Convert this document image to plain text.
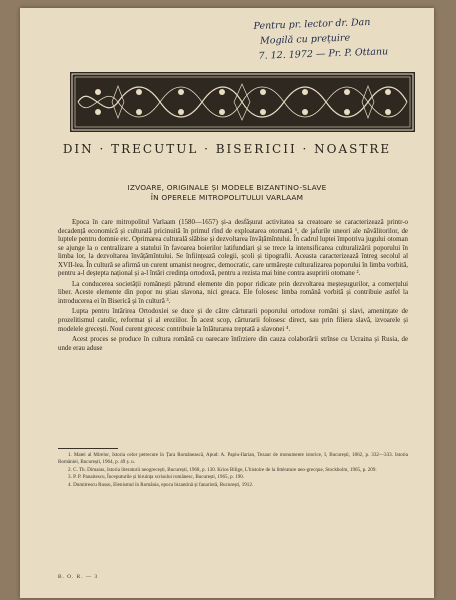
Pentru pr. lector dr. Dan
Mogilă cu prețuire
7. 12. 1972 — Pr. P. Ottanu
DIN · TRECUTUL · BISERICII · NOASTRE
IZVOARE, ORIGINALE ȘI MODELE BIZANTINO-SLAVE
ÎN OPERELE MITROPOLITULUI VARLAAM

Epoca în care mitropolitul Varlaam (1580—1657) și-a desfășurat activitatea sa creatoare se caracterizează printr-o decadență economică și culturală pricinuită în primul rînd de exploatarea otomană ¹, de jafurile uneori ale năvălitorilor, de luptele pentru domnie etc. Oprimarea culturală slăbise și dezvoltarea învățămîntului. În cadrul luptei împotriva jugului otoman se ajunge la o centralizare a statului în favoarea boierilor latifundiari și se trece la intensificarea culturalizării poporului în limba lor, la dezvoltarea învățămîntului. Se înființează colegii, școli și tipografii. Aceasta caracterizează întreg secolul al XVII-lea. În cultură se afirmă un curent umanist neogrec, democratic, care urmărește culturalizarea poporului în limba vorbită, pentru a-l deștepta național și a-l întări credința ortodoxă, pentru a rezista mai bine contra asupririi otomane ².

La conducerea societății românești pătrund elemente din popor ridicate prin dezvoltarea meșteșugurilor, a comerțului liber. Aceste elemente din popor nu știau slavona, nici greaca. Ele folosesc limba română vorbită și contribuie astfel la introducerea ei în Biserică și în cultură ³.

Lupta pentru întărirea Ortodoxiei se duce și de către cărturarii poporului ortodoxe români și slavi, amenințate de prozelitismul catolic, reformat și al ereziilor. În acest scop, cărturarii folosesc direct, sau prin filiera slavă, izvoarele și modelele grecești. Noul curent grecesc contribuie la înlăturarea treptată a slavonei ⁴.

Acest proces se produce în cultura română cu oarecare întîrziere din cauza colaborării strînse cu Ucraina și Rusia, de unde erau aduse

1. Matei al Mirelor, Istoria celor petrecute în Țara Românească, Apud: A. Papiu-Ilarian, Tezaur de monumente istorice, I, București, 1862, p. 332—333. Istoria României, București, 1964, p. 49 ș. u.
2. C. Th. Dimaras, Istoria literaturii neogrecești, București, 1968, p. 130. Krios Bilige, L'histoire de la littérature neo-grecque, Stockholm, 1965, p. 209.
3. P. P. Panaitescu, Începuturile și biruința scrisului românesc, București, 1965, p. 190.
4. Dumitrescu Russu, Elenismul în România, epoca bizantină și fanariotă, București, 1912.
B. O. R. — 3
